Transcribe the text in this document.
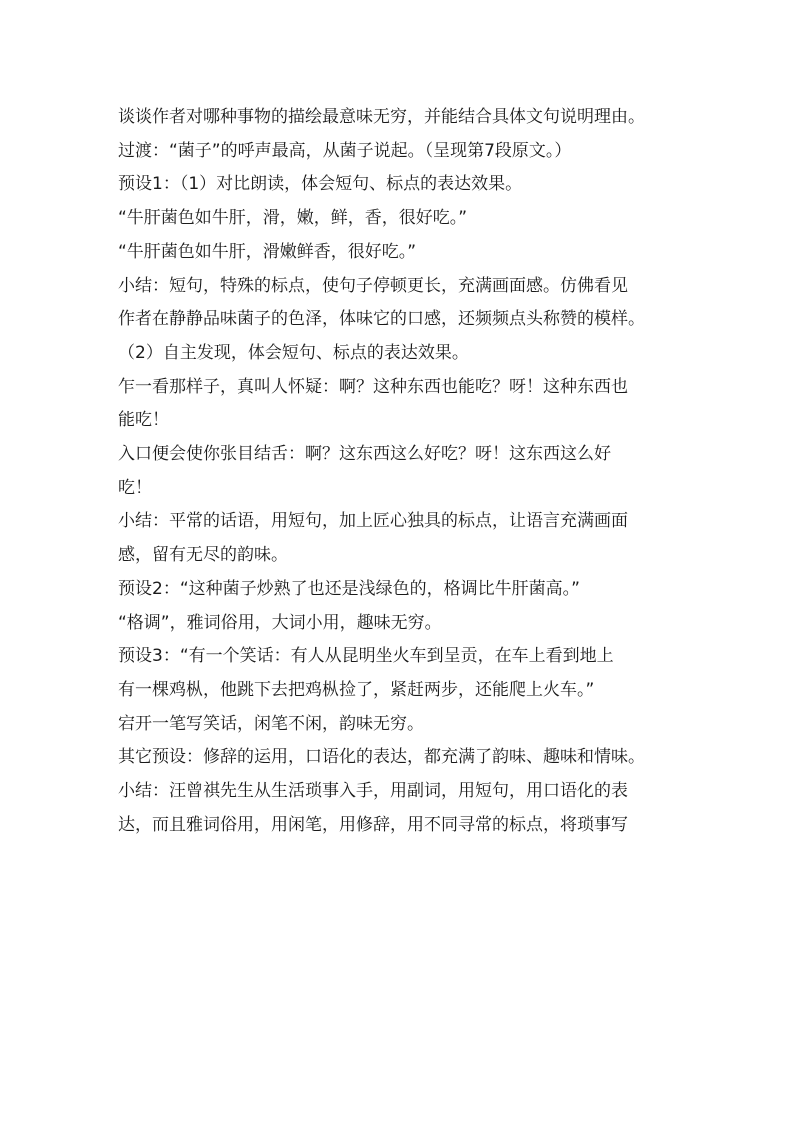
谈谈作者对哪种事物的描绘最意味无穷，并能结合具体文句说明理由。
过渡：“菌子”的呼声最高，从菌子说起。（呈现第7段原文。）
预设1：（1）对比朗读，体会短句、标点的表达效果。
“牛肝菌色如牛肝，滑，嫩，鲜，香，很好吃。”
“牛肝菌色如牛肝，滑嫩鲜香，很好吃。”
小结：短句，特殊的标点，使句子停顿更长，充满画面感。仿佛看见
作者在静静品味菌子的色泽，体味它的口感，还频频点头称赞的模样。
（2）自主发现，体会短句、标点的表达效果。
乍一看那样子，真叫人怀疑：啊？这种东西也能吃？呀！这种东西也
能吃！
入口便会使你张目结舌：啊？这东西这么好吃？呀！这东西这么好
吃！
小结：平常的话语，用短句，加上匠心独具的标点，让语言充满画面
感，留有无尽的韵味。
预设2：“这种菌子炒熟了也还是浅绿色的，格调比牛肝菌高。”
“格调”，雅词俗用，大词小用，趣味无穷。
预设3：“有一个笑话：有人从昆明坐火车到呈贡，在车上看到地上
有一棵鸡枞，他跳下去把鸡枞捡了，紧赶两步，还能爬上火车。”
宕开一笔写笑话，闲笔不闲，韵味无穷。
其它预设：修辞的运用，口语化的表达，都充满了韵味、趣味和情味。
小结：汪曾祺先生从生活琐事入手，用副词，用短句，用口语化的表
达，而且雅词俗用，用闲笔，用修辞，用不同寻常的标点，将琐事写
